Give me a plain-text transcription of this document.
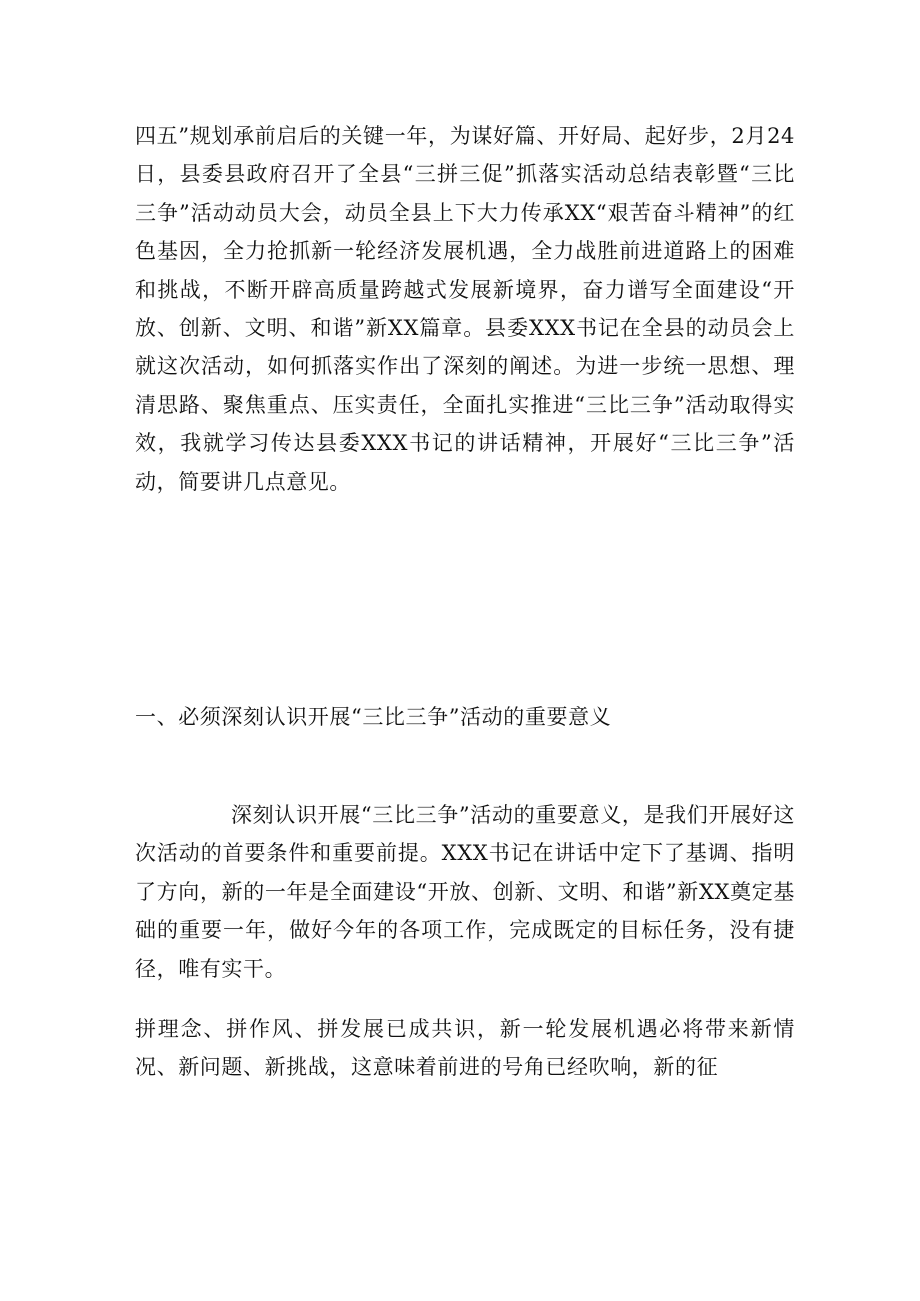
四五”规划承前启后的关键一年，为谋好篇、开好局、起好步，2月24日，县委县政府召开了全县“三拼三促”抓落实活动总结表彰暨“三比三争”活动动员大会，动员全县上下大力传承XX“艰苦奋斗精神”的红色基因，全力抢抓新一轮经济发展机遇，全力战胜前进道路上的困难和挑战，不断开辟高质量跨越式发展新境界，奋力谱写全面建设“开放、创新、文明、和谐”新XX篇章。县委XXX书记在全县的动员会上就这次活动，如何抓落实作出了深刻的阐述。为进一步统一思想、理清思路、聚焦重点、压实责任，全面扎实推进“三比三争”活动取得实效，我就学习传达县委XXX书记的讲话精神，开展好“三比三争”活动，简要讲几点意见。

一、必须深刻认识开展“三比三争”活动的重要意义

深刻认识开展“三比三争”活动的重要意义，是我们开展好这次活动的首要条件和重要前提。XXX书记在讲话中定下了基调、指明了方向，新的一年是全面建设“开放、创新、文明、和谐”新XX奠定基础的重要一年，做好今年的各项工作，完成既定的目标任务，没有捷径，唯有实干。

拼理念、拼作风、拼发展已成共识，新一轮发展机遇必将带来新情况、新问题、新挑战，这意味着前进的号角已经吹响，新的征
